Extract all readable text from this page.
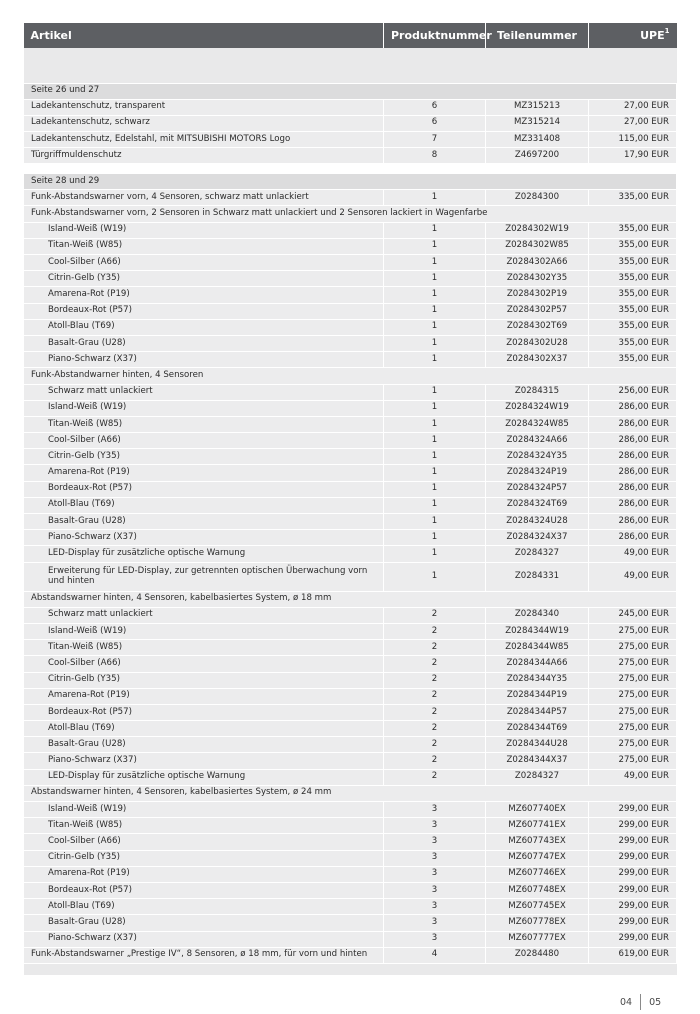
Artikel	Produktnummer	Teilenummer	UPE$^1$

Seite 26 und 27			
Ladekantenschutz, transparent	6	MZ315213	27,00 EUR
Ladekantenschutz, schwarz	6	MZ315214	27,00 EUR
Ladekantenschutz, Edelstahl, mit MITSUBISHI MOTORS Logo	7	MZ331408	115,00 EUR
Türgriffmuldenschutz	8	Z4697200	17,90 EUR

Seite 28 und 29			
Funk-Abstandswarner vorn, 4 Sensoren, schwarz matt unlackiert	1	Z0284300	335,00 EUR
Funk-Abstandswarner vorn, 2 Sensoren in Schwarz matt unlackiert und 2 Sensoren lackiert in Wagenfarbe			
Island-Weiß (W19)	1	Z0284302W19	355,00 EUR
Titan-Weiß (W85)	1	Z0284302W85	355,00 EUR
Cool-Silber (A66)	1	Z0284302A66	355,00 EUR
Citrin-Gelb (Y35)	1	Z0284302Y35	355,00 EUR
Amarena-Rot (P19)	1	Z0284302P19	355,00 EUR
Bordeaux-Rot (P57)	1	Z0284302P57	355,00 EUR
Atoll-Blau (T69)	1	Z0284302T69	355,00 EUR
Basalt-Grau (U28)	1	Z0284302U28	355,00 EUR
Piano-Schwarz (X37)	1	Z0284302X37	355,00 EUR
Funk-Abstandwarner hinten, 4 Sensoren			
Schwarz matt unlackiert	1	Z0284315	256,00 EUR
Island-Weiß (W19)	1	Z0284324W19	286,00 EUR
Titan-Weiß (W85)	1	Z0284324W85	286,00 EUR
Cool-Silber (A66)	1	Z0284324A66	286,00 EUR
Citrin-Gelb (Y35)	1	Z0284324Y35	286,00 EUR
Amarena-Rot (P19)	1	Z0284324P19	286,00 EUR
Bordeaux-Rot (P57)	1	Z0284324P57	286,00 EUR
Atoll-Blau (T69)	1	Z0284324T69	286,00 EUR
Basalt-Grau (U28)	1	Z0284324U28	286,00 EUR
Piano-Schwarz (X37)	1	Z0284324X37	286,00 EUR
LED-Display für zusätzliche optische Warnung	1	Z0284327	49,00 EUR
Erweiterung für LED-Display, zur getrennten optischen Überwachung vorn und hinten	1	Z0284331	49,00 EUR
Abstandswarner hinten, 4 Sensoren, kabelbasiertes System, ø 18 mm			
Schwarz matt unlackiert	2	Z0284340	245,00 EUR
Island-Weiß (W19)	2	Z0284344W19	275,00 EUR
Titan-Weiß (W85)	2	Z0284344W85	275,00 EUR
Cool-Silber (A66)	2	Z0284344A66	275,00 EUR
Citrin-Gelb (Y35)	2	Z0284344Y35	275,00 EUR
Amarena-Rot (P19)	2	Z0284344P19	275,00 EUR
Bordeaux-Rot (P57)	2	Z0284344P57	275,00 EUR
Atoll-Blau (T69)	2	Z0284344T69	275,00 EUR
Basalt-Grau (U28)	2	Z0284344U28	275,00 EUR
Piano-Schwarz (X37)	2	Z0284344X37	275,00 EUR
LED-Display für zusätzliche optische Warnung	2	Z0284327	49,00 EUR
Abstandswarner hinten, 4 Sensoren, kabelbasiertes System, ø 24 mm			
Island-Weiß (W19)	3	MZ607740EX	299,00 EUR
Titan-Weiß (W85)	3	MZ607741EX	299,00 EUR
Cool-Silber (A66)	3	MZ607743EX	299,00 EUR
Citrin-Gelb (Y35)	3	MZ607747EX	299,00 EUR
Amarena-Rot (P19)	3	MZ607746EX	299,00 EUR
Bordeaux-Rot (P57)	3	MZ607748EX	299,00 EUR
Atoll-Blau (T69)	3	MZ607745EX	299,00 EUR
Basalt-Grau (U28)	3	MZ607778EX	299,00 EUR
Piano-Schwarz (X37)	3	MZ607777EX	299,00 EUR
Funk-Abstandswarner „Prestige IV“, 8 Sensoren, ø 18 mm, für vorn und hinten	4	Z0284480	619,00 EUR

04 05
